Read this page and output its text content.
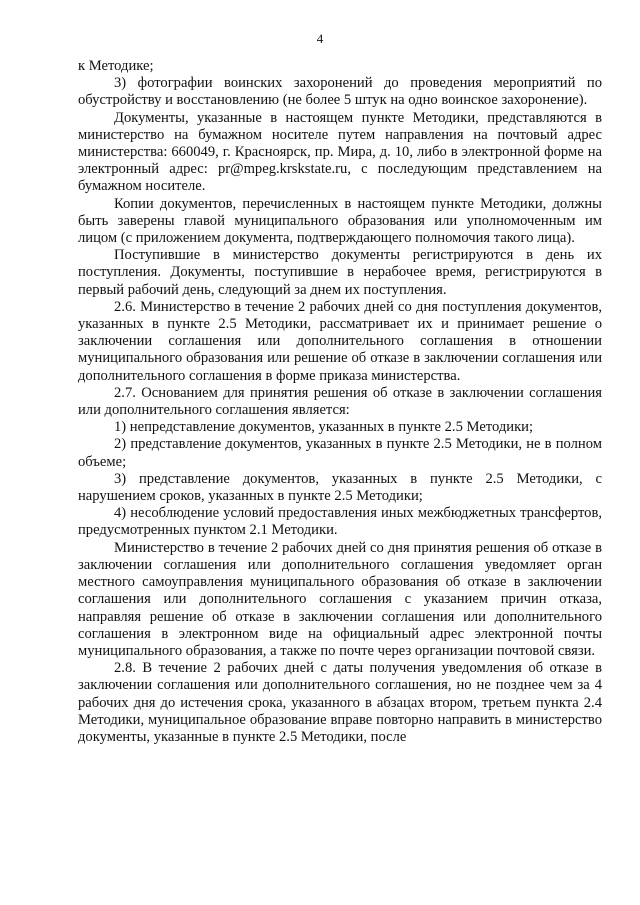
4

к Методике;

3) фотографии воинских захоронений до проведения мероприятий по обустройству и восстановлению (не более 5 штук на одно воинское захоронение).

Документы, указанные в настоящем пункте Методики, представляются в министерство на бумажном носителе путем направления на почтовый адрес министерства: 660049, г. Красноярск, пр. Мира, д. 10, либо в электронной форме на электронный адрес: pr@mpeg.krskstate.ru, с последующим представлением на бумажном носителе.

Копии документов, перечисленных в настоящем пункте Методики, должны быть заверены главой муниципального образования или уполномоченным им лицом (с приложением документа, подтверждающего полномочия такого лица).

Поступившие в министерство документы регистрируются в день их поступления. Документы, поступившие в нерабочее время, регистрируются в первый рабочий день, следующий за днем их поступления.

2.6. Министерство в течение 2 рабочих дней со дня поступления документов, указанных в пункте 2.5 Методики, рассматривает их и принимает решение о заключении соглашения или дополнительного соглашения в отношении муниципального образования или решение об отказе в заключении соглашения или дополнительного соглашения в форме приказа министерства.

2.7. Основанием для принятия решения об отказе в заключении соглашения или дополнительного соглашения является:

1) непредставление документов, указанных в пункте 2.5 Методики;

2) представление документов, указанных в пункте 2.5 Методики, не в полном объеме;

3) представление документов, указанных в пункте 2.5 Методики, с нарушением сроков, указанных в пункте 2.5 Методики;

4) несоблюдение условий предоставления иных межбюджетных трансфертов, предусмотренных пунктом 2.1 Методики.

Министерство в течение 2 рабочих дней со дня принятия решения об отказе в заключении соглашения или дополнительного соглашения уведомляет орган местного самоуправления муниципального образования об отказе в заключении соглашения или дополнительного соглашения с указанием причин отказа, направляя решение об отказе в заключении соглашения или дополнительного соглашения в электронном виде на официальный адрес электронной почты муниципального образования, а также по почте через организации почтовой связи.

2.8. В течение 2 рабочих дней с даты получения уведомления об отказе в заключении соглашения или дополнительного соглашения, но не позднее чем за 4 рабочих дня до истечения срока, указанного в абзацах втором, третьем пункта 2.4 Методики, муниципальное образование вправе повторно направить в министерство документы, указанные в пункте 2.5 Методики, после
